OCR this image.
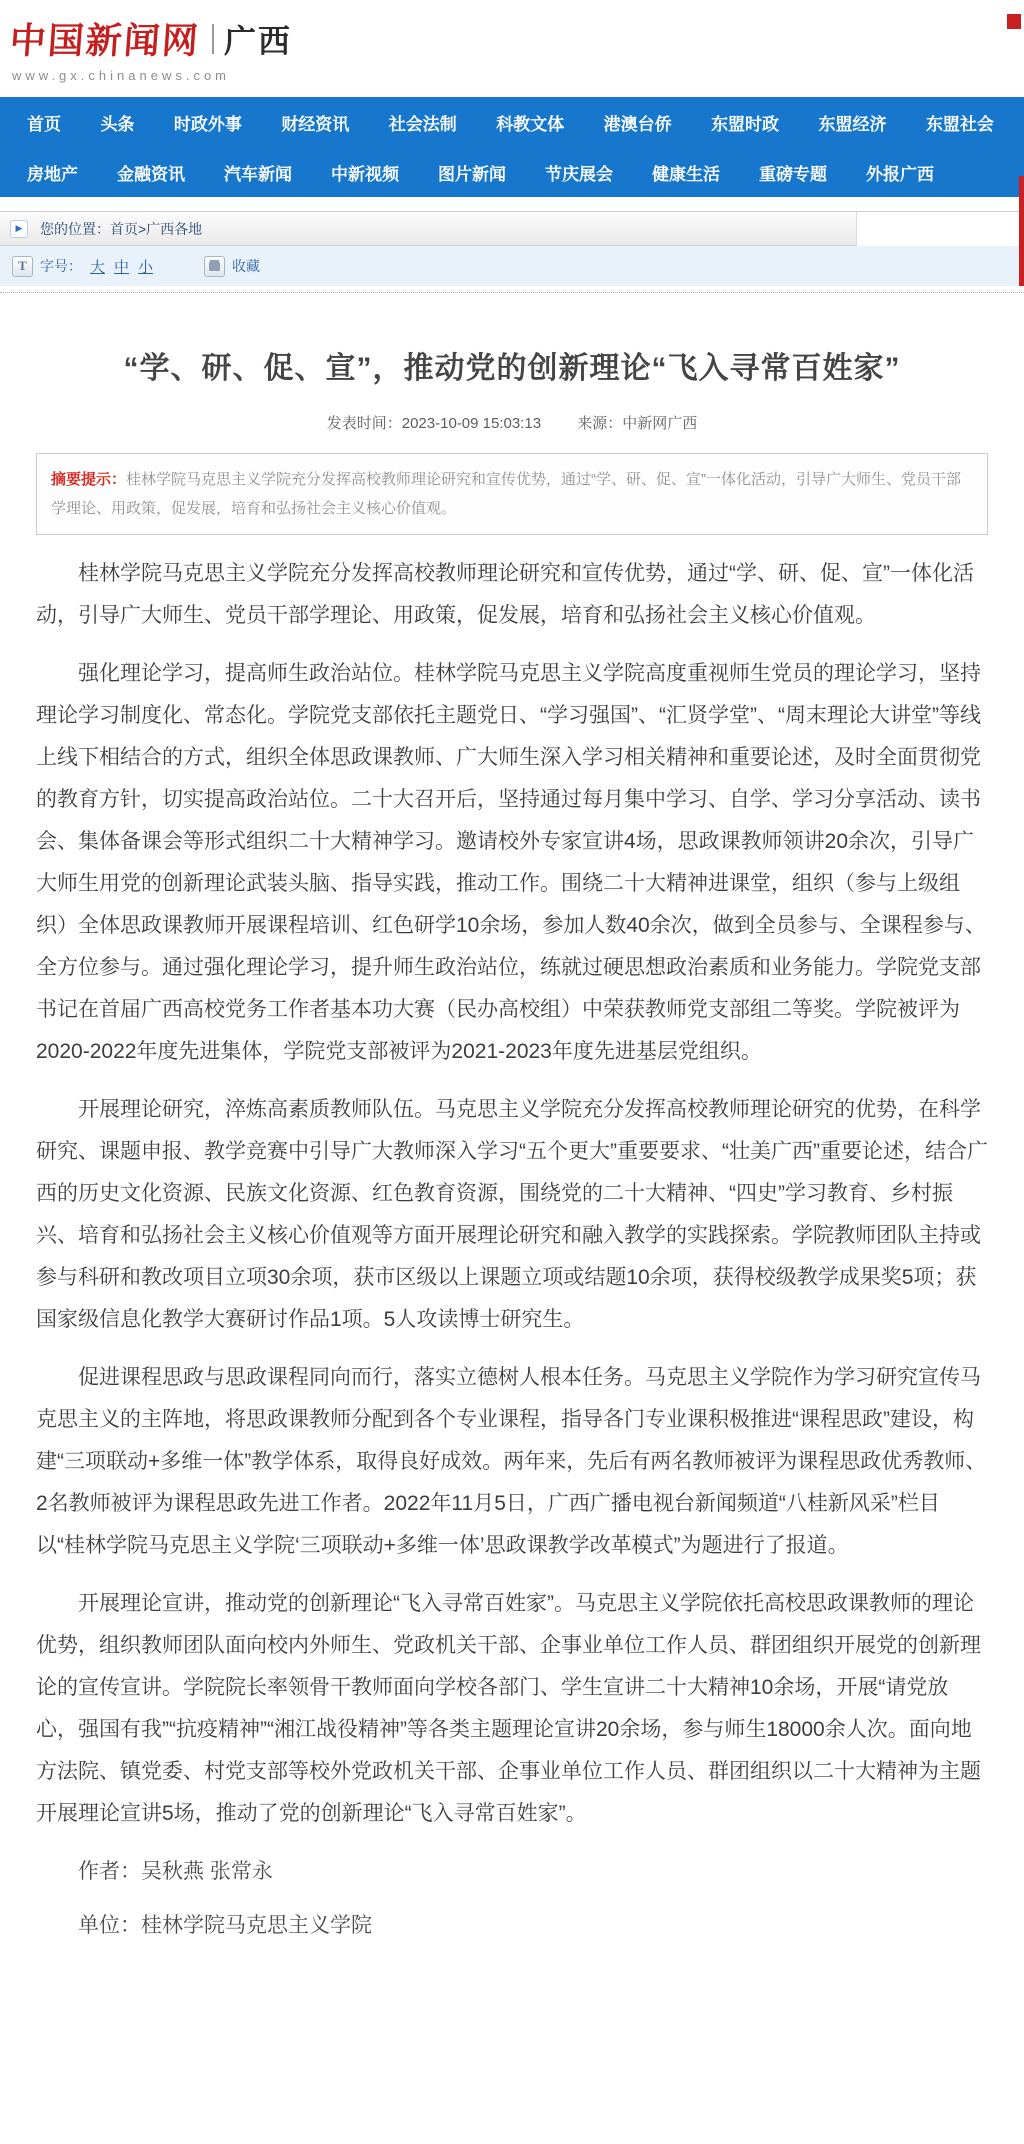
中国新闻网 广西
www.gx.chinanews.com
首页 头条 时政外事 财经资讯 社会法制 科教文体 港澳台侨 东盟时政 东盟经济 东盟社会
房地产 金融资讯 汽车新闻 中新视频 图片新闻 节庆展会 健康生活 重磅专题 外报广西
▶	您的位置： 首页>广西各地
T 字号： 大 中 小	收藏
“学、研、促、宣”，推动党的创新理论“飞入寻常百姓家”
发表时间：2023-10-09 15:03:13 来源：中新网广西
摘要提示：桂林学院马克思主义学院充分发挥高校教师理论研究和宣传优势，通过“学、研、促、宣”一体化活动，引导广大师生、党员干部学理论、用政策，促发展，培育和弘扬社会主义核心价值观。

桂林学院马克思主义学院充分发挥高校教师理论研究和宣传优势，通过“学、研、促、宣”一体化活动，引导广大师生、党员干部学理论、用政策，促发展，培育和弘扬社会主义核心价值观。

强化理论学习，提高师生政治站位。桂林学院马克思主义学院高度重视师生党员的理论学习，坚持理论学习制度化、常态化。学院党支部依托主题党日、“学习强国”、“汇贤学堂”、“周末理论大讲堂”等线上线下相结合的方式，组织全体思政课教师、广大师生深入学习相关精神和重要论述，及时全面贯彻党的教育方针，切实提高政治站位。二十大召开后，坚持通过每月集中学习、自学、学习分享活动、读书会、集体备课会等形式组织二十大精神学习。邀请校外专家宣讲4场，思政课教师领讲20余次，引导广大师生用党的创新理论武装头脑、指导实践，推动工作。围绕二十大精神进课堂，组织（参与上级组织）全体思政课教师开展课程培训、红色研学10余场，参加人数40余次，做到全员参与、全课程参与、全方位参与。通过强化理论学习，提升师生政治站位，练就过硬思想政治素质和业务能力。学院党支部书记在首届广西高校党务工作者基本功大赛（民办高校组）中荣获教师党支部组二等奖。学院被评为2020-2022年度先进集体，学院党支部被评为2021-2023年度先进基层党组织。

开展理论研究，淬炼高素质教师队伍。马克思主义学院充分发挥高校教师理论研究的优势，在科学研究、课题申报、教学竞赛中引导广大教师深入学习“五个更大”重要要求、“壮美广西”重要论述，结合广西的历史文化资源、民族文化资源、红色教育资源，围绕党的二十大精神、“四史”学习教育、乡村振兴、培育和弘扬社会主义核心价值观等方面开展理论研究和融入教学的实践探索。学院教师团队主持或参与科研和教改项目立项30余项，获市区级以上课题立项或结题10余项，获得校级教学成果奖5项；获国家级信息化教学大赛研讨作品1项。5人攻读博士研究生。

促进课程思政与思政课程同向而行，落实立德树人根本任务。马克思主义学院作为学习研究宣传马克思主义的主阵地，将思政课教师分配到各个专业课程，指导各门专业课积极推进“课程思政”建设，构建“三项联动+多维一体”教学体系，取得良好成效。两年来，先后有两名教师被评为课程思政优秀教师、2名教师被评为课程思政先进工作者。2022年11月5日，广西广播电视台新闻频道“八桂新风采”栏目以“桂林学院马克思主义学院‘三项联动+多维一体’思政课教学改革模式”为题进行了报道。

开展理论宣讲，推动党的创新理论“飞入寻常百姓家”。马克思主义学院依托高校思政课教师的理论优势，组织教师团队面向校内外师生、党政机关干部、企事业单位工作人员、群团组织开展党的创新理论的宣传宣讲。学院院长率领骨干教师面向学校各部门、学生宣讲二十大精神10余场，开展“请党放心，强国有我”“抗疫精神”“湘江战役精神”等各类主题理论宣讲20余场，参与师生18000余人次。面向地方法院、镇党委、村党支部等校外党政机关干部、企事业单位工作人员、群团组织以二十大精神为主题开展理论宣讲5场，推动了党的创新理论“飞入寻常百姓家”。

作者：吴秋燕 张常永

单位：桂林学院马克思主义学院
